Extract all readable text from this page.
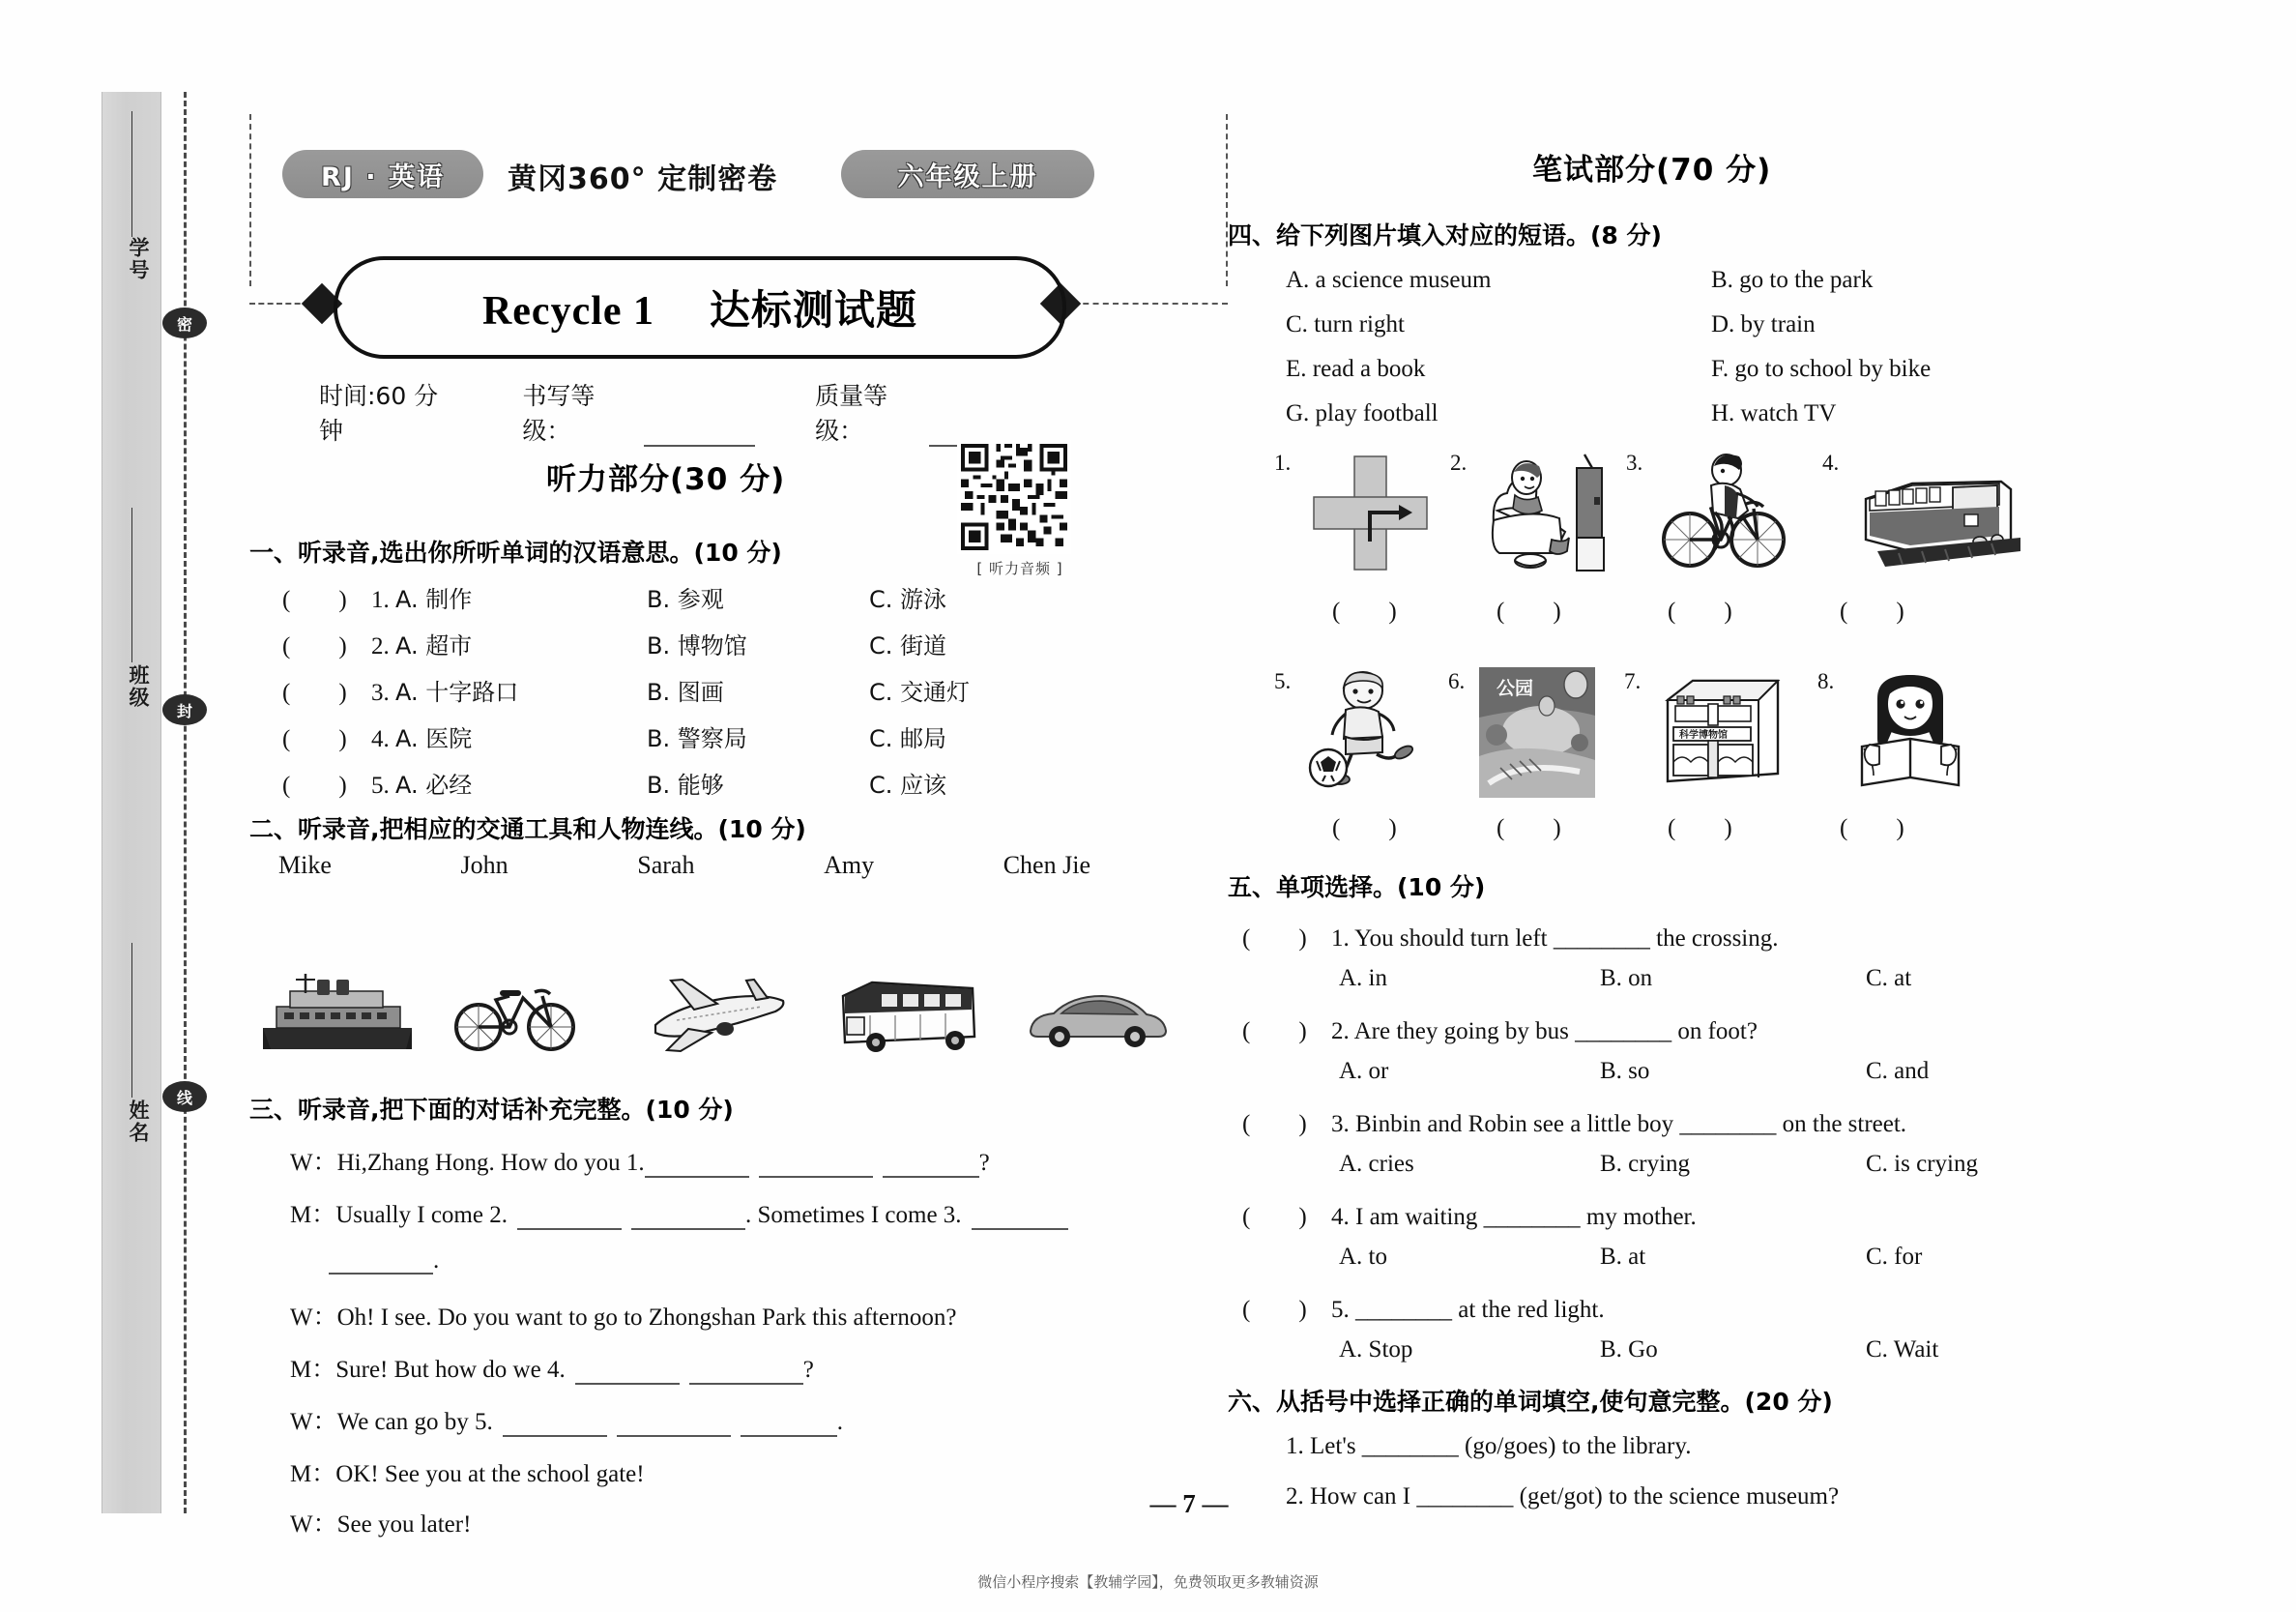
学号
班级
姓名
密
封
线
RJ · 英语	黄冈360° 定制密卷	六年级上册
Recycle 1 达标测试题
时间:60 分钟
书写等级：
质量等级：
听力部分(30 分)
[ 听力音频 ]
一、听录音,选出你所听单词的汉语意思。(10 分)
(　　) 1. A. 制作	B. 参观	C. 游泳
(　　) 2. A. 超市	B. 博物馆	C. 街道
(　　) 3. A. 十字路口	B. 图画	C. 交通灯
(　　) 4. A. 医院	B. 警察局	C. 邮局
(　　) 5. A. 必经	B. 能够	C. 应该
二、听录音,把相应的交通工具和人物连线。(10 分)
Mike	John	Sarah	Amy	Chen Jie
三、听录音,把下面的对话补充完整。(10 分)
W：Hi,Zhang Hong. How do you 1.	?
M：Usually I come 2.	. Sometimes I come 3.
.
W：Oh! I see. Do you want to go to Zhongshan Park this afternoon?
M：Sure! But how do we 4.	?
W：We can go by 5.	.
M：OK! See you at the school gate!
W：See you later!
笔试部分(70 分)
四、给下列图片填入对应的短语。(8 分)
A. a science museum	B. go to the park
C. turn right	D. by train
E. read a book	F. go to school by bike
G. play football	H. watch TV
1.	2.	3.	4.
(　　)	(　　)	(　　)	(　　)
5.	6. 公园	7.
科学博物馆
8.
(　　)	(　　)	(　　)	(　　)
五、单项选择。(10 分)
(　　) 1. You should turn left ________ the crossing.
A. in	B. on	C. at
(　　) 2. Are they going by bus ________ on foot?
A. or	B. so	C. and
(　　) 3. Binbin and Robin see a little boy ________ on the street.
A. cries	B. crying	C. is crying
(　　) 4. I am waiting ________ my mother.
A. to	B. at	C. for
(　　) 5. ________ at the red light.
A. Stop	B. Go	C. Wait
六、从括号中选择正确的单词填空,使句意完整。(20 分)
1. Let's ________ (go/goes) to the library.
2. How can I ________ (get/got) to the science museum?
— 7 —
微信小程序搜索【教辅学园】，免费领取更多教辅资源
